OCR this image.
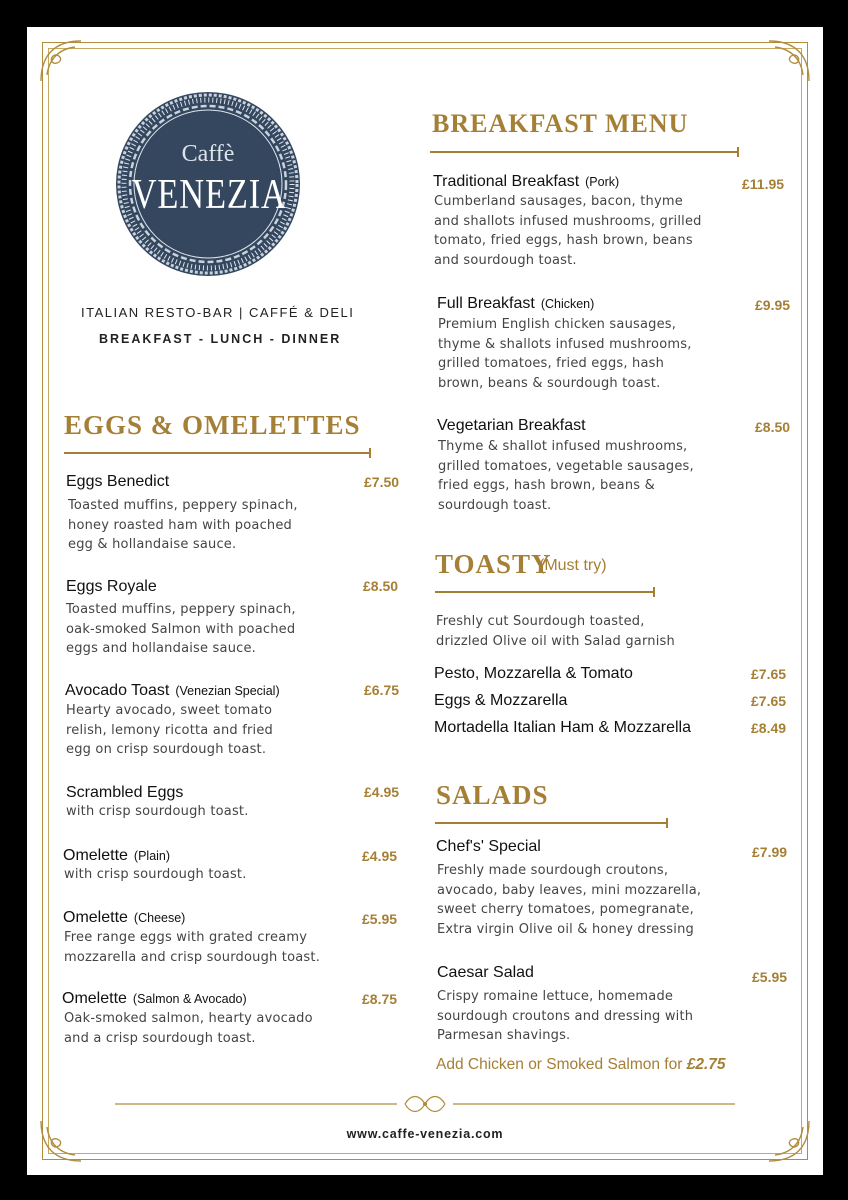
Caffè
VENEZIA
ITALIAN RESTO-BAR | CAFFÉ & DELI
BREAKFAST - LUNCH - DINNER
EGGS & OMELETTES
Eggs Benedict	£7.50
Toasted muffins, peppery spinach,
honey roasted ham with poached
egg & hollandaise sauce.
Eggs Royale	£8.50
Toasted muffins, peppery spinach,
oak-smoked Salmon with poached
eggs and hollandaise sauce.
Avocado Toast (Venezian Special)	£6.75
Hearty avocado, sweet tomato
relish, lemony ricotta and fried
egg on crisp sourdough toast.
Scrambled Eggs	£4.95
with crisp sourdough toast.
Omelette (Plain)	£4.95
with crisp sourdough toast.
Omelette (Cheese)	£5.95
Free range eggs with grated creamy
mozzarella and crisp sourdough toast.
Omelette (Salmon & Avocado)	£8.75
Oak-smoked salmon, hearty avocado
and a crisp sourdough toast.
BREAKFAST MENU
Traditional Breakfast (Pork)	£11.95
Cumberland sausages, bacon, thyme
and shallots infused mushrooms, grilled
tomato, fried eggs, hash brown, beans
and sourdough toast.
Full Breakfast (Chicken)	£9.95
Premium English chicken sausages,
thyme & shallots infused mushrooms,
grilled tomatoes, fried eggs, hash
brown, beans & sourdough toast.
Vegetarian Breakfast	£8.50
Thyme & shallot infused mushrooms,
grilled tomatoes, vegetable sausages,
fried eggs, hash brown, beans &
sourdough toast.
TOASTY
(Must try)
Freshly cut Sourdough toasted,
drizzled Olive oil with Salad garnish
Pesto, Mozzarella & Tomato	£7.65
Eggs & Mozzarella	£7.65
Mortadella Italian Ham & Mozzarella	£8.49
SALADS
Chef's' Special	£7.99
Freshly made sourdough croutons,
avocado, baby leaves, mini mozzarella,
sweet cherry tomatoes, pomegranate,
Extra virgin Olive oil & honey dressing
Caesar Salad	£5.95
Crispy romaine lettuce, homemade
sourdough croutons and dressing with
Parmesan shavings.
Add Chicken or Smoked Salmon for £2.75
www.caffe-venezia.com
